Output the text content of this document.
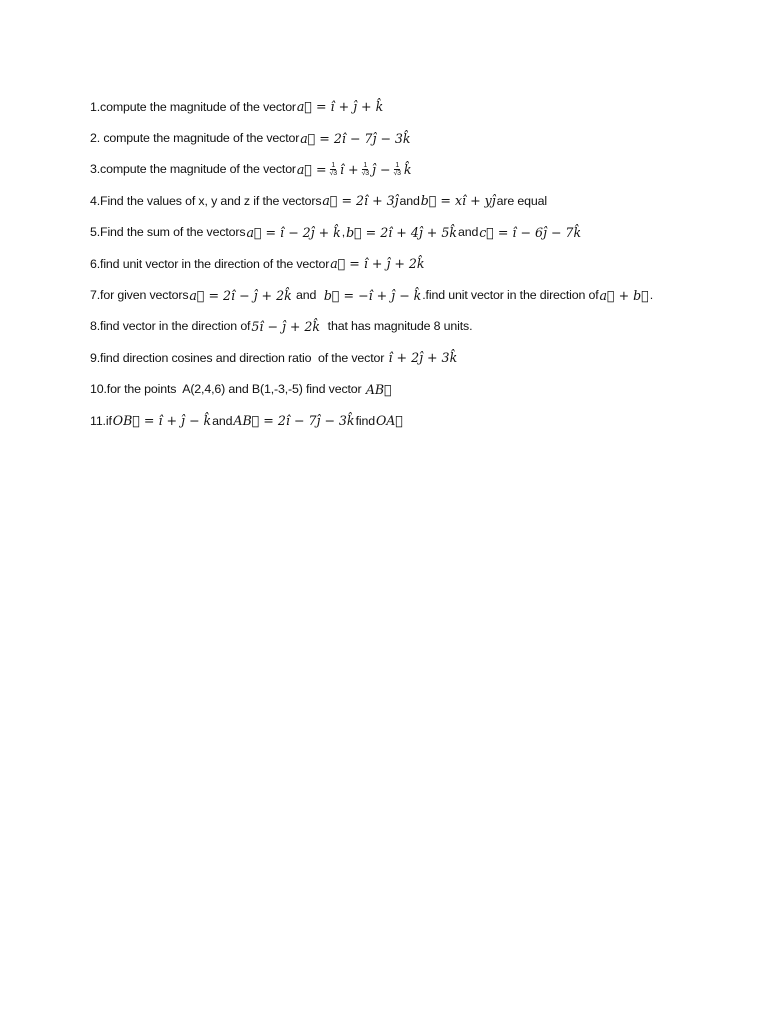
1.compute the magnitude of the vector a⃗ = î + ĵ + k̂
2. compute the magnitude of the vector a⃗ = 2î − 7ĵ − 3k̂
3.compute the magnitude of the vector a⃗ = $\frac{1}{√3}$ î + $\frac{1}{√3}$ ĵ − $\frac{1}{√3}$ k̂
4.Find the values of x, y and z if the vectors a⃗ = 2î + 3ĵ and b⃗ = xî + yĵ are equal
5.Find the sum of the vectors a⃗ = î − 2ĵ + k̂ , b⃗ = 2î + 4ĵ + 5k̂ and c⃗ = î − 6ĵ − 7k̂
6.find unit vector in the direction of the vector a⃗ = î + ĵ + 2k̂
7.for given vectors a⃗ = 2î − ĵ + 2k̂ and b⃗ = −î + ĵ − k̂ .find unit vector in the direction of a⃗ + b⃗ .
8.find vector in the direction of 5î − ĵ + 2k̂ that has magnitude 8 units.
9.find direction cosines and direction ratio  of the vector î + 2ĵ + 3k̂
10.for the points  A(2,4,6) and B(1,-3,-5) find vector AB⃗
11.if OB⃗ = î + ĵ − k̂ and AB⃗ = 2î − 7ĵ − 3k̂ find OA⃗
